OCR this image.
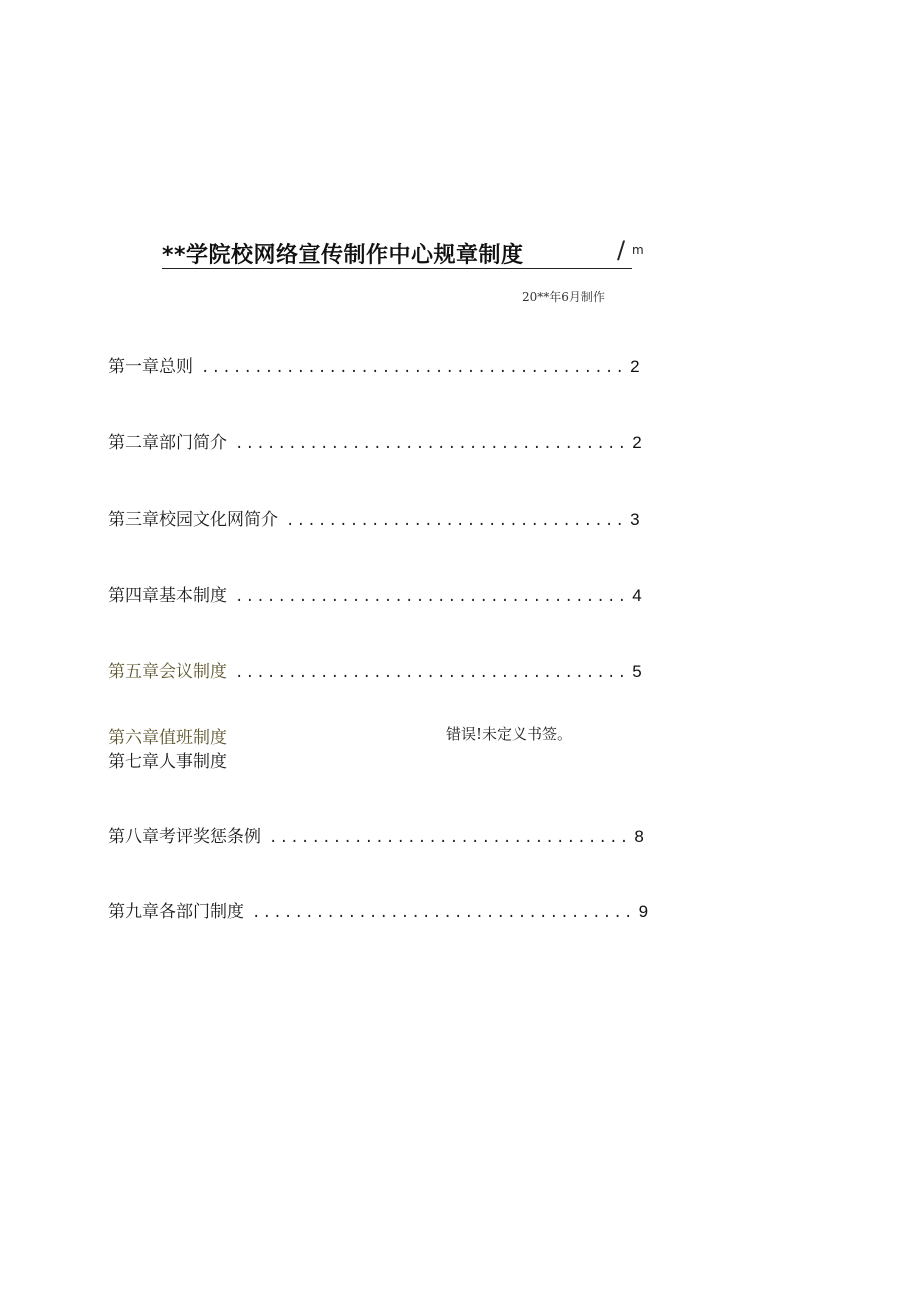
**学院校网络宣传制作中心规章制度	/ m
20**年6月制作
第一章总则 ........................................ 2
第二章部门简介 ..................................... 2
第三章校园文化网简介 ................................ 3
第四章基本制度 ..................................... 4
第五章会议制度 ..................................... 5
第六章值班制度	错误!未定义书签。
第七章人事制度
第八章考评奖惩条例 .................................. 8
第九章各部门制度 .................................... 9
